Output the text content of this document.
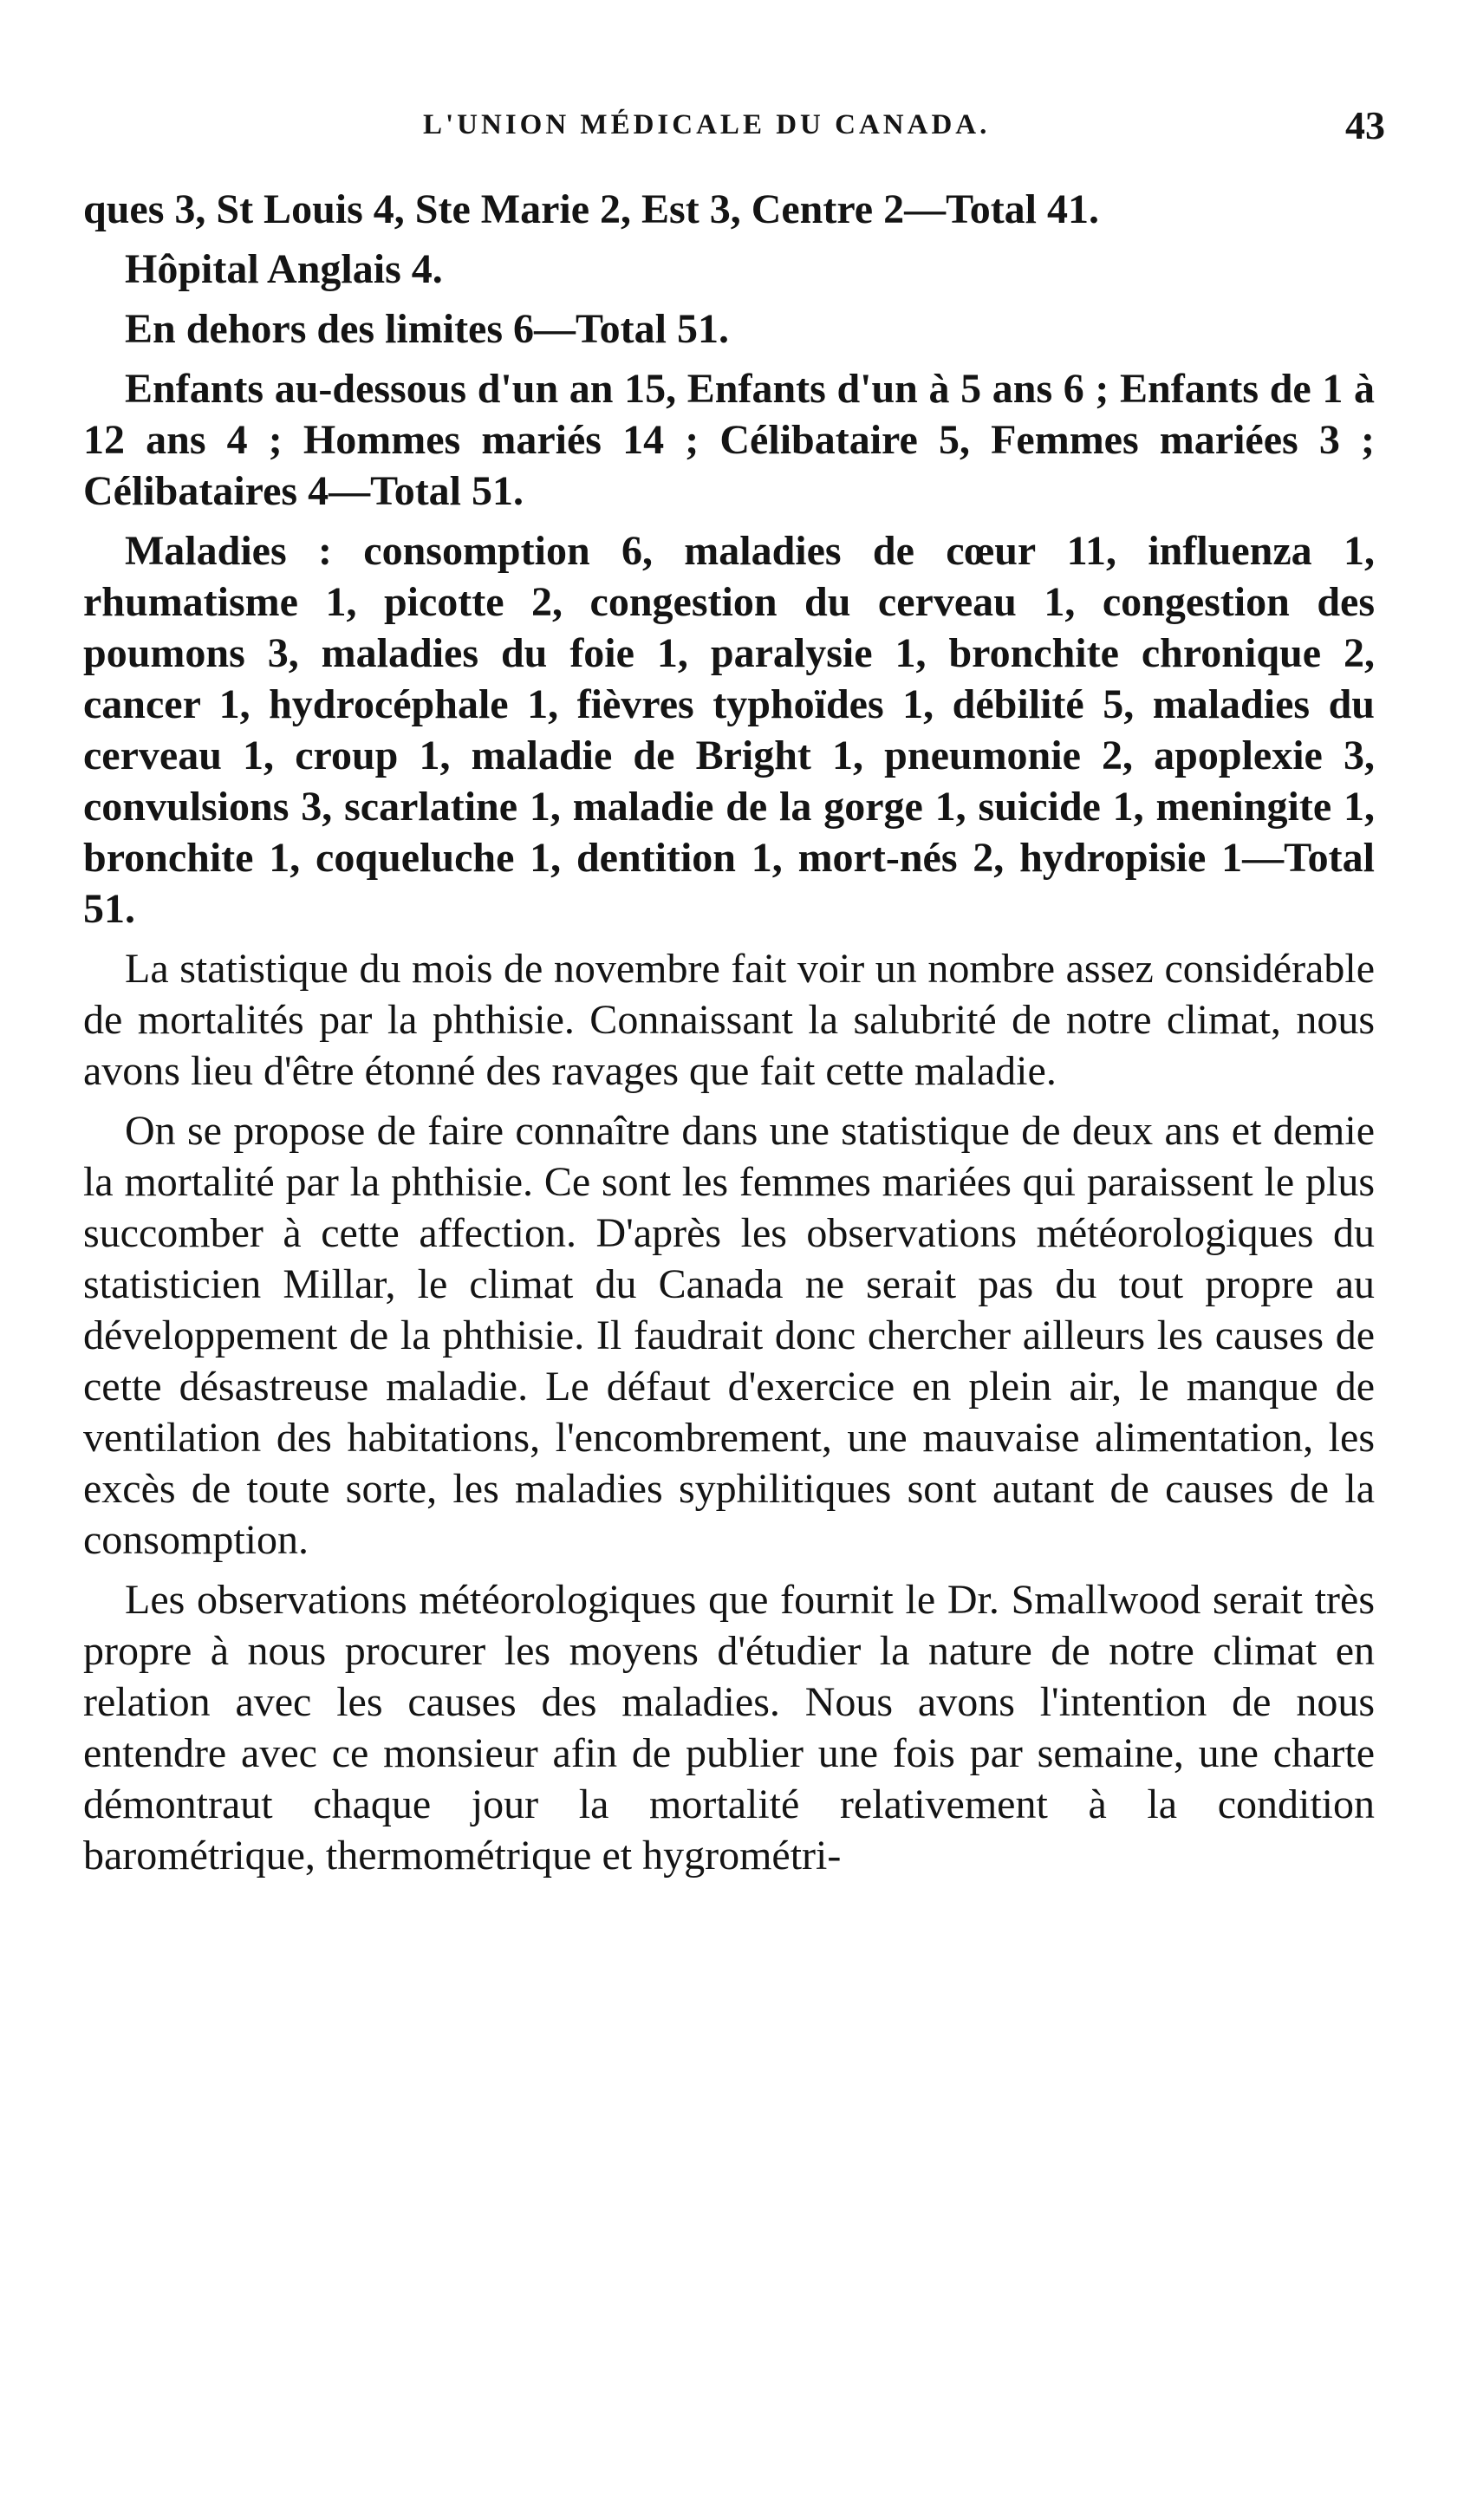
L'UNION MÉDICALE DU CANADA.	43

ques 3, St Louis 4, Ste Marie 2, Est 3, Centre 2—Total 41.

Hôpital Anglais 4.

En dehors des limites 6—Total 51.

Enfants au-dessous d'un an 15, Enfants d'un à 5 ans 6 ; Enfants de 1 à 12 ans 4 ; Hommes mariés 14 ; Célibataire 5, Femmes mariées 3 ; Célibataires 4—Total 51.

Maladies : consomption 6, maladies de cœur 11, influenza 1, rhumatisme 1, picotte 2, congestion du cerveau 1, congestion des poumons 3, maladies du foie 1, paralysie 1, bronchite chronique 2, cancer 1, hydrocéphale 1, fièvres typhoïdes 1, débilité 5, maladies du cerveau 1, croup 1, maladie de Bright 1, pneumonie 2, apoplexie 3, convulsions 3, scarlatine 1, maladie de la gorge 1, suicide 1, meningite 1, bronchite 1, coqueluche 1, dentition 1, mort-nés 2, hydropisie 1—Total 51.

La statistique du mois de novembre fait voir un nombre assez considérable de mortalités par la phthisie. Connaissant la salubrité de notre climat, nous avons lieu d'être étonné des ravages que fait cette maladie.

On se propose de faire connaître dans une statistique de deux ans et demie la mortalité par la phthisie. Ce sont les femmes mariées qui paraissent le plus succomber à cette affection. D'après les observations météorologiques du statisticien Millar, le climat du Canada ne serait pas du tout propre au développement de la phthisie. Il faudrait donc chercher ailleurs les causes de cette désastreuse maladie. Le défaut d'exercice en plein air, le manque de ventilation des habitations, l'encombrement, une mauvaise alimentation, les excès de toute sorte, les maladies syphilitiques sont autant de causes de la consomption.

Les observations météorologiques que fournit le Dr. Smallwood serait très propre à nous procurer les moyens d'étudier la nature de notre climat en relation avec les causes des maladies. Nous avons l'intention de nous entendre avec ce monsieur afin de publier une fois par semaine, une charte démontraut chaque jour la mortalité relativement à la condition barométrique, thermométrique et hygrométri-
